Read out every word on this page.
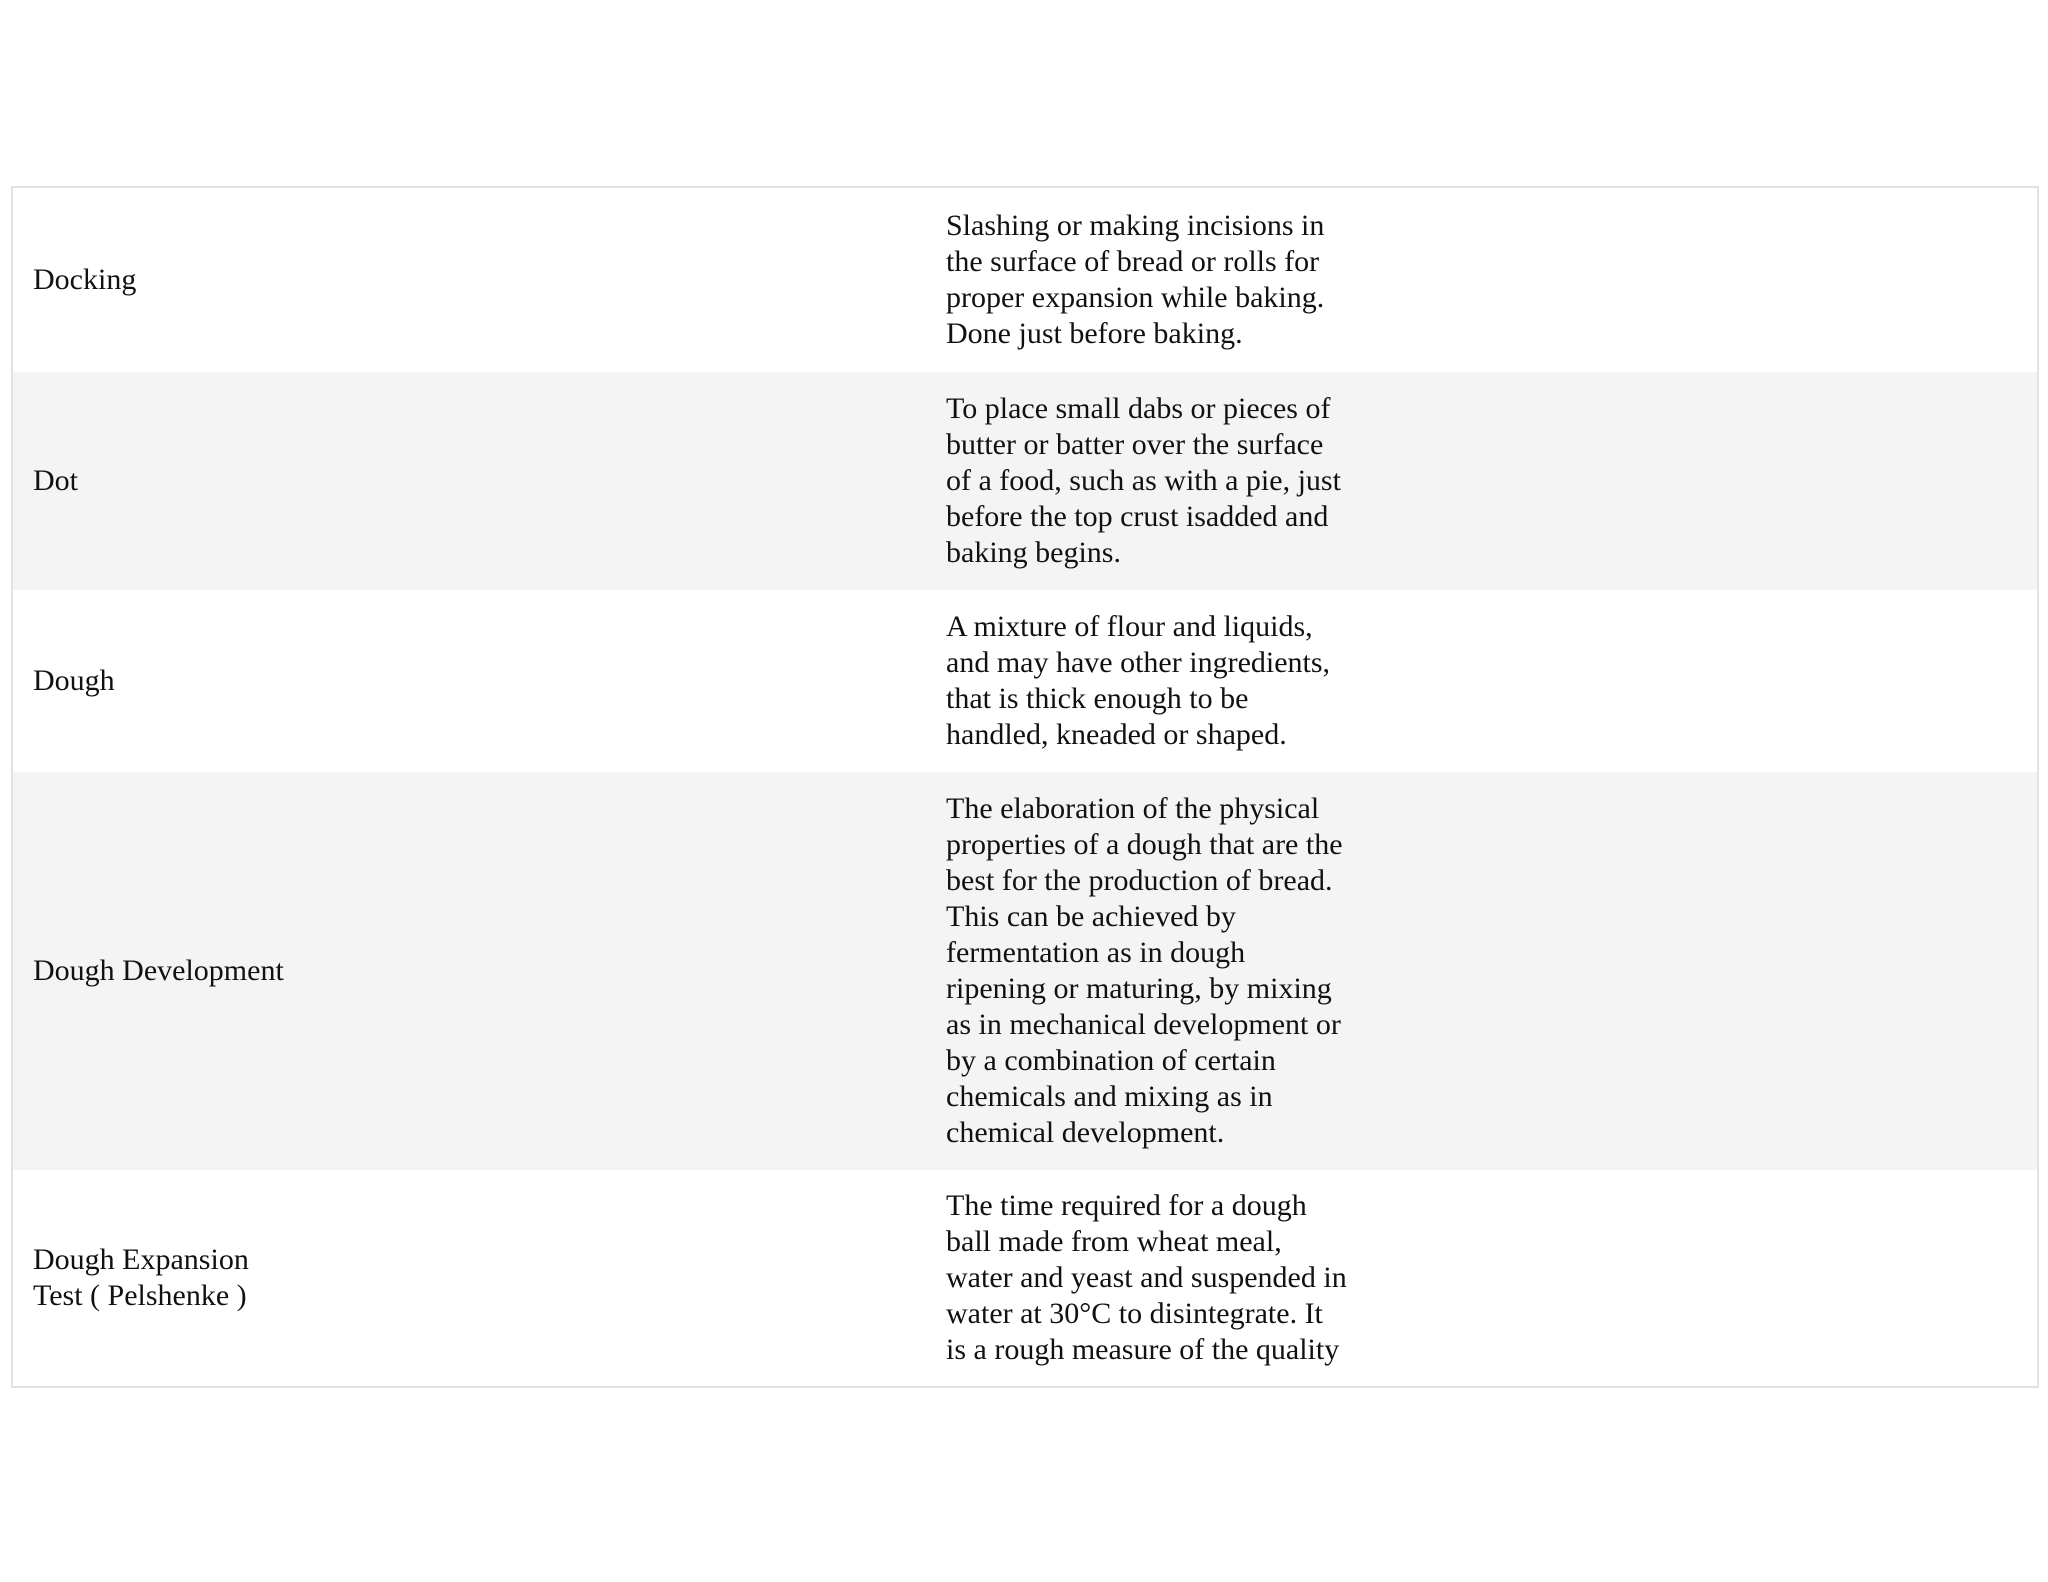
Docking
Slashing or making incisions in
the surface of bread or rolls for
proper expansion while baking.
Done just before baking.
Dot
To place small dabs or pieces of
butter or batter over the surface
of a food, such as with a pie, just
before the top crust isadded and
baking begins.
Dough
A mixture of flour and liquids,
and may have other ingredients,
that is thick enough to be
handled, kneaded or shaped.
Dough Development
The elaboration of the physical
properties of a dough that are the
best for the production of bread.
This can be achieved by
fermentation as in dough
ripening or maturing, by mixing
as in mechanical development or
by a combination of certain
chemicals and mixing as in
chemical development.
Dough Expansion
Test ( Pelshenke )
The time required for a dough
ball made from wheat meal,
water and yeast and suspended in
water at 30°C to disintegrate. It
is a rough measure of the quality
